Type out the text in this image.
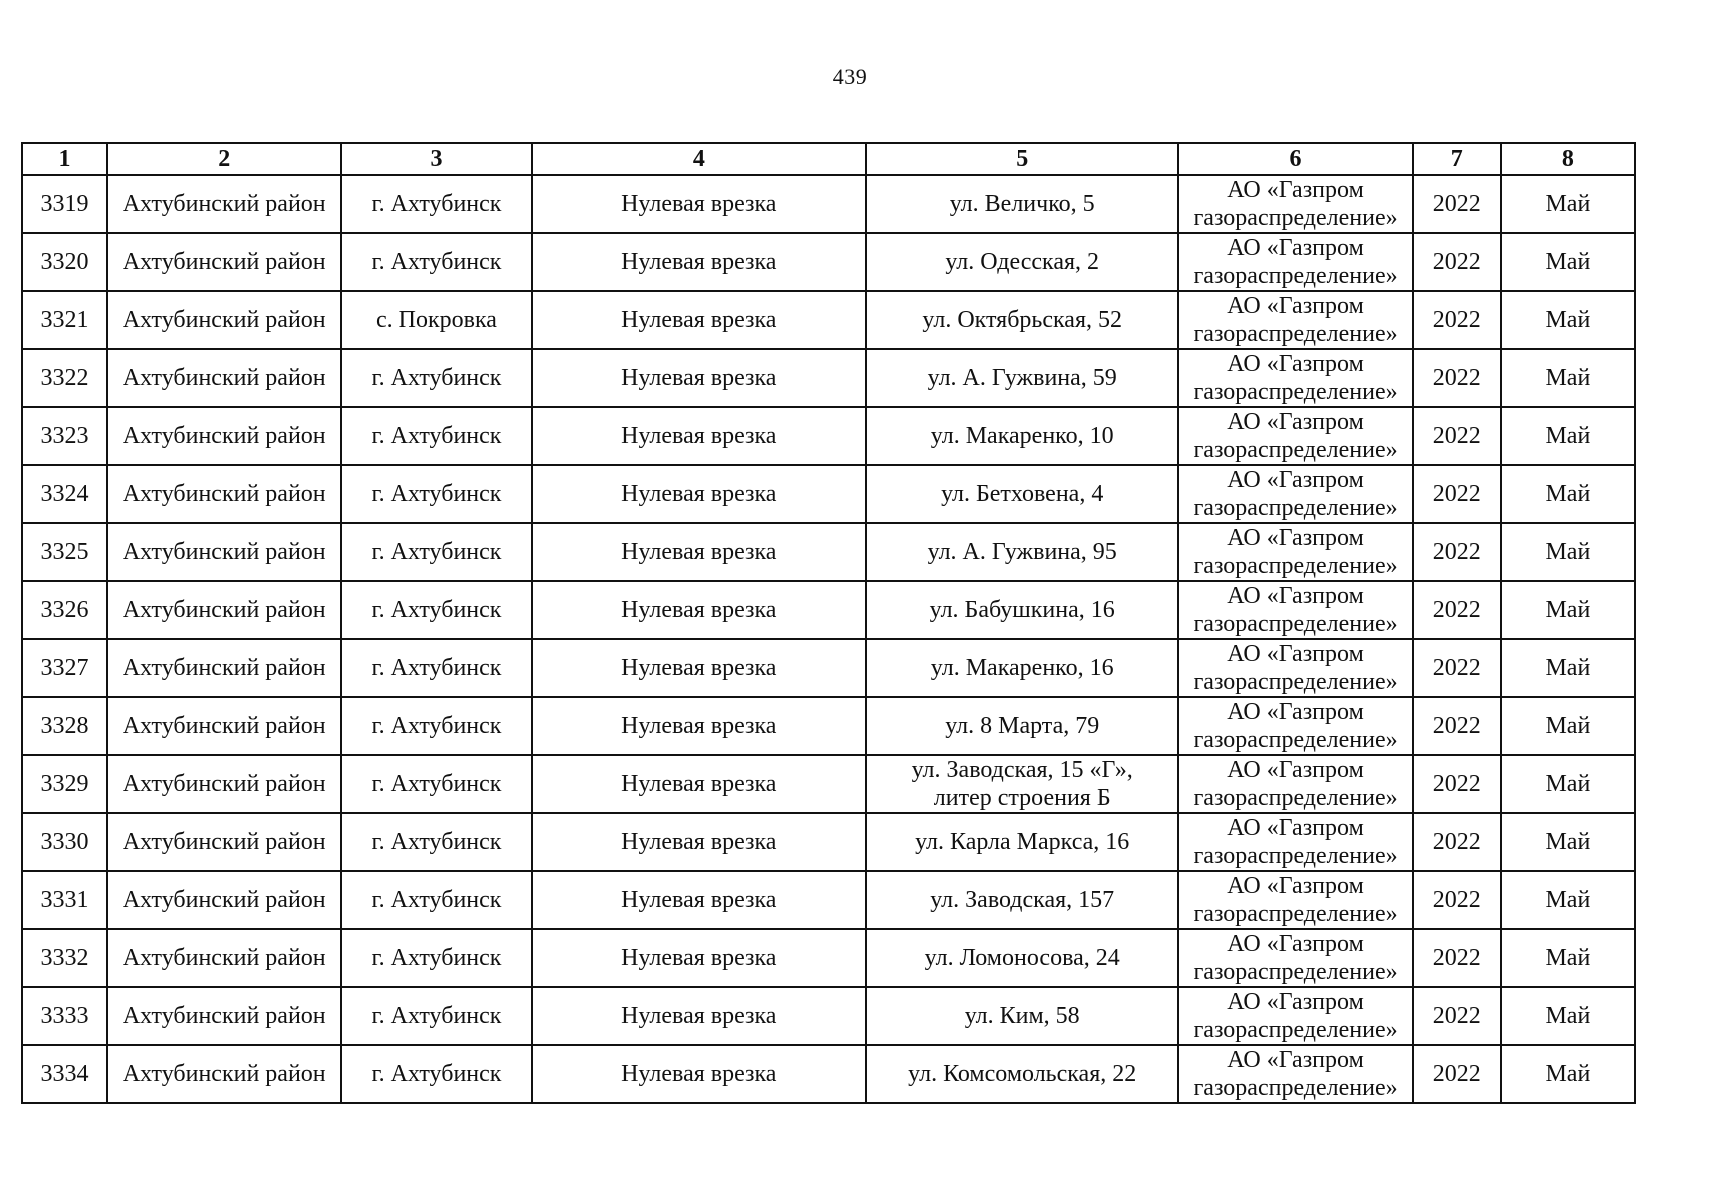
439
1	2	3	4	5	6	7	8
3319	Ахтубинский район	г. Ахтубинск	Нулевая врезка	ул. Величко, 5	АО «Газпром
газораспределение»	2022	Май
3320	Ахтубинский район	г. Ахтубинск	Нулевая врезка	ул. Одесская, 2	АО «Газпром
газораспределение»	2022	Май
3321	Ахтубинский район	с. Покровка	Нулевая врезка	ул. Октябрьская, 52	АО «Газпром
газораспределение»	2022	Май
3322	Ахтубинский район	г. Ахтубинск	Нулевая врезка	ул. А. Гужвина, 59	АО «Газпром
газораспределение»	2022	Май
3323	Ахтубинский район	г. Ахтубинск	Нулевая врезка	ул. Макаренко, 10	АО «Газпром
газораспределение»	2022	Май
3324	Ахтубинский район	г. Ахтубинск	Нулевая врезка	ул. Бетховена, 4	АО «Газпром
газораспределение»	2022	Май
3325	Ахтубинский район	г. Ахтубинск	Нулевая врезка	ул. А. Гужвина, 95	АО «Газпром
газораспределение»	2022	Май
3326	Ахтубинский район	г. Ахтубинск	Нулевая врезка	ул. Бабушкина, 16	АО «Газпром
газораспределение»	2022	Май
3327	Ахтубинский район	г. Ахтубинск	Нулевая врезка	ул. Макаренко, 16	АО «Газпром
газораспределение»	2022	Май
3328	Ахтубинский район	г. Ахтубинск	Нулевая врезка	ул. 8 Марта, 79	АО «Газпром
газораспределение»	2022	Май
3329	Ахтубинский район	г. Ахтубинск	Нулевая врезка	ул. Заводская, 15 «Г»,
литер строения Б	АО «Газпром
газораспределение»	2022	Май
3330	Ахтубинский район	г. Ахтубинск	Нулевая врезка	ул. Карла Маркса, 16	АО «Газпром
газораспределение»	2022	Май
3331	Ахтубинский район	г. Ахтубинск	Нулевая врезка	ул. Заводская, 157	АО «Газпром
газораспределение»	2022	Май
3332	Ахтубинский район	г. Ахтубинск	Нулевая врезка	ул. Ломоносова, 24	АО «Газпром
газораспределение»	2022	Май
3333	Ахтубинский район	г. Ахтубинск	Нулевая врезка	ул. Ким, 58	АО «Газпром
газораспределение»	2022	Май
3334	Ахтубинский район	г. Ахтубинск	Нулевая врезка	ул. Комсомольская, 22	АО «Газпром
газораспределение»	2022	Май
